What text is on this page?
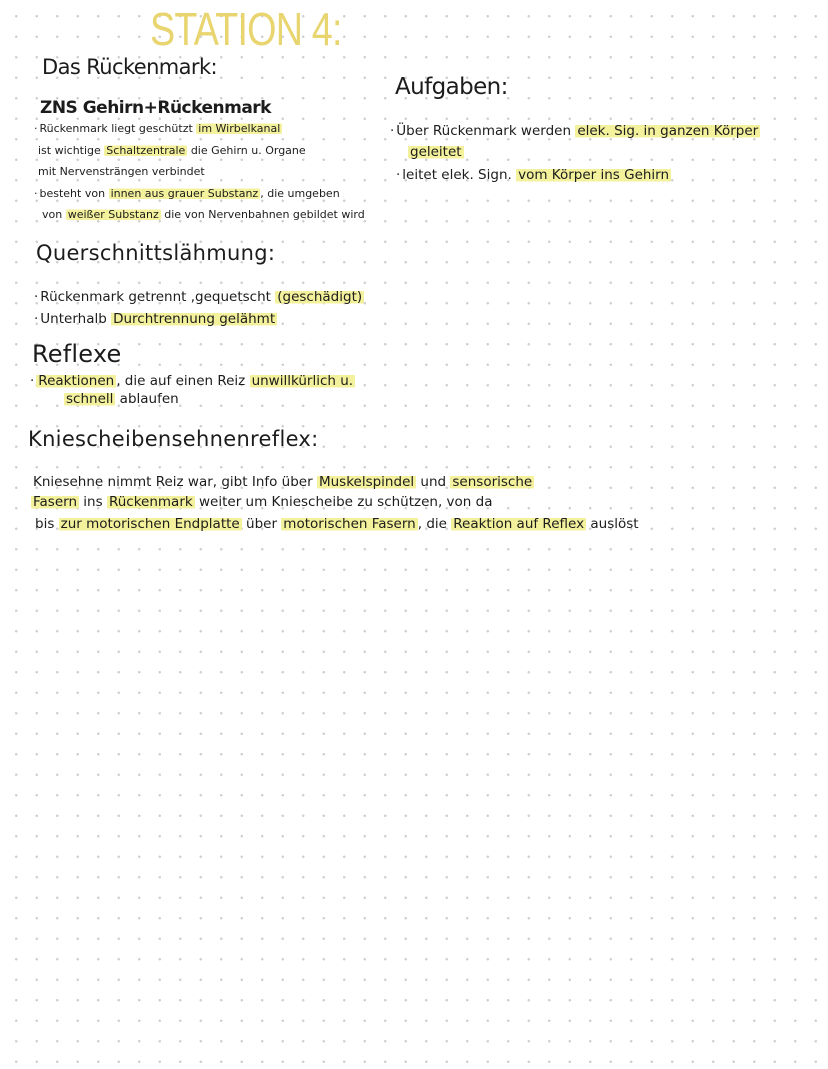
STATION 4:
Das Rückenmark:
ZNS Gehirn+Rückenmark
· Rückenmark liegt geschützt im Wirbelkanal
ist wichtige Schaltzentrale die Gehirn u. Organe
mit Nervensträngen verbindet
· besteht von innen aus grauer Substanz , die umgeben
von weißer Substanz die von Nervenbahnen gebildet wird
Aufgaben:
· Über Rückenmark werden elek. Sig. in ganzen Körper
geleitet
· leitet elek. Sign. vom Körper ins Gehirn
Querschnittslähmung:
· Rückenmark getrennt ,gequetscht (geschädigt)
· Unterhalb Durchtrennung gelähmt
Reflexe
· Reaktionen , die auf einen Reiz unwillkürlich u.
schnell ablaufen
Kniescheibensehnenreflex:
Kniesehne nimmt Reiz war, gibt Info über Muskelspindel und sensorische
Fasern ins Rückenmark weiter um Kniescheibe zu schützen, von da
bis zur motorischen Endplatte über motorischen Fasern , die Reaktion auf Reflex auslöst
